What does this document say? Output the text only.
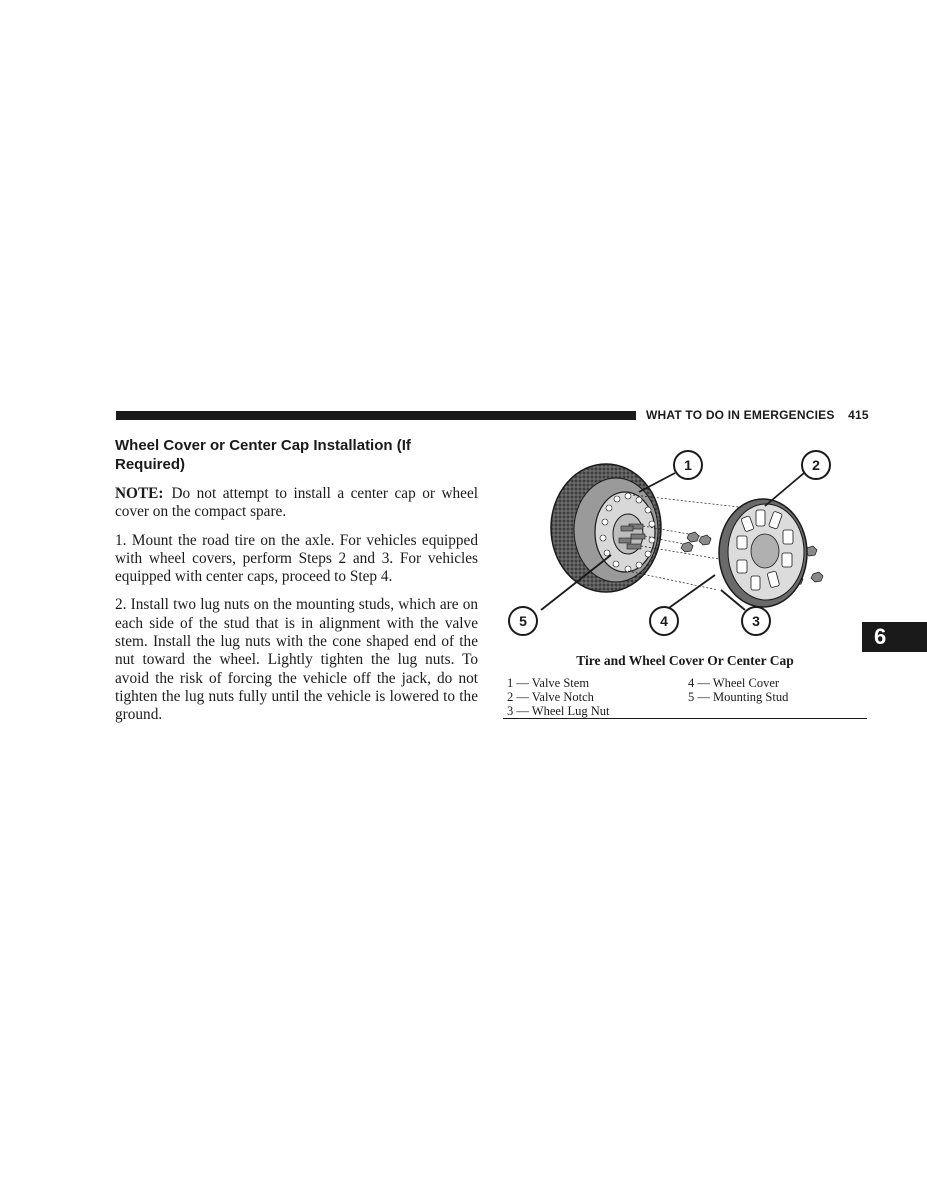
WHAT TO DO IN EMERGENCIES 415
Wheel Cover or Center Cap Installation (If Required)

NOTE: Do not attempt to install a center cap or wheel cover on the compact spare.

1. Mount the road tire on the axle. For vehicles equipped with wheel covers, perform Steps 2 and 3. For vehicles equipped with center caps, proceed to Step 4.

2. Install two lug nuts on the mounting studs, which are on each side of the stud that is in alignment with the valve stem. Install the lug nuts with the cone shaped end of the nut toward the wheel. Lightly tighten the lug nuts. To avoid the risk of forcing the vehicle off the jack, do not tighten the lug nuts fully until the vehicle is lowered to the ground.

1	2
3
4
5
Tire and Wheel Cover Or Center Cap
1 — Valve Stem
2 — Valve Notch
3 — Wheel Lug Nut
4 — Wheel Cover
5 — Mounting Stud
6
